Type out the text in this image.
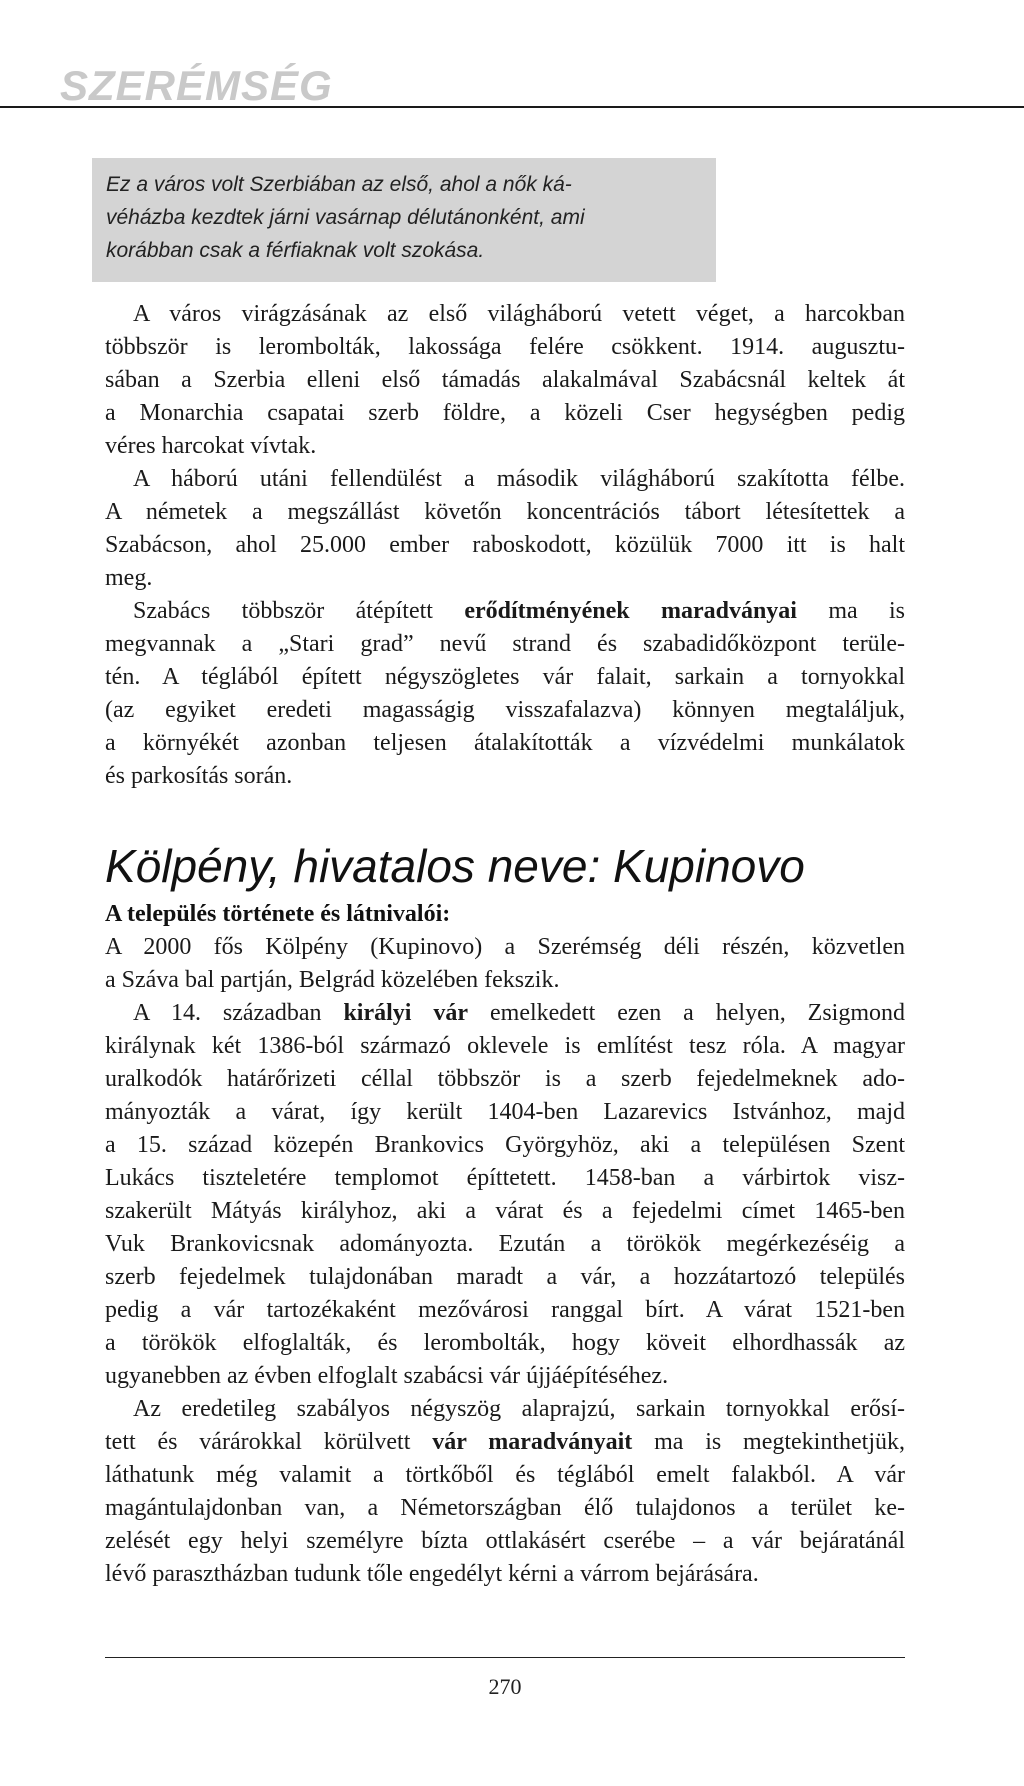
SZERÉMSÉG
Ez a város volt Szerbiában az első, ahol a nők ká-
véházba kezdtek járni vasárnap délutánonként, ami
korábban csak a férfiaknak volt szokása.
A város virágzásának az első világháború vetett véget, a harcokban
többször is lerombolták, lakossága felére csökkent. 1914. augusztu-
sában a Szerbia elleni első támadás alakalmával Szabácsnál keltek át
a Monarchia csapatai szerb földre, a közeli Cser hegységben pedig
véres harcokat vívtak.
A háború utáni fellendülést a második világháború szakította félbe.
A németek a megszállást követőn koncentrációs tábort létesítettek a
Szabácson, ahol 25.000 ember raboskodott, közülük 7000 itt is halt
meg.
Szabács többször átépített erődítményének maradványai ma is
megvannak a „Stari grad” nevű strand és szabadidőközpont terüle-
tén. A téglából épített négyszögletes vár falait, sarkain a tornyokkal
(az egyiket eredeti magasságig visszafalazva) könnyen megtaláljuk,
a környékét azonban teljesen átalakították a vízvédelmi munkálatok
és parkosítás során.
Kölpény, hivatalos neve: Kupinovo
A település története és látnivalói:
A 2000 fős Kölpény (Kupinovo) a Szerémség déli részén, közvetlen
a Száva bal partján, Belgrád közelében fekszik.
A 14. században királyi vár emelkedett ezen a helyen, Zsigmond
királynak két 1386-ból származó oklevele is említést tesz róla. A magyar
uralkodók határőrizeti céllal többször is a szerb fejedelmeknek ado-
mányozták a várat, így került 1404-ben Lazarevics Istvánhoz, majd
a 15. század közepén Brankovics Györgyhöz, aki a településen Szent
Lukács tiszteletére templomot építtetett. 1458-ban a várbirtok visz-
szakerült Mátyás királyhoz, aki a várat és a fejedelmi címet 1465-ben
Vuk Brankovicsnak adományozta. Ezután a törökök megérkezéséig a
szerb fejedelmek tulajdonában maradt a vár, a hozzátartozó település
pedig a vár tartozékaként mezővárosi ranggal bírt. A várat 1521-ben
a törökök elfoglalták, és lerombolták, hogy köveit elhordhassák az
ugyanebben az évben elfoglalt szabácsi vár újjáépítéséhez.
Az eredetileg szabályos négyszög alaprajzú, sarkain tornyokkal erősí-
tett és várárokkal körülvett vár maradványait ma is megtekinthetjük,
láthatunk még valamit a törtkőből és téglából emelt falakból. A vár
magántulajdonban van, a Németországban élő tulajdonos a terület ke-
zelését egy helyi személyre bízta ottlakásért cserébe – a vár bejáratánál
lévő parasztházban tudunk tőle engedélyt kérni a várrom bejárására.
270
